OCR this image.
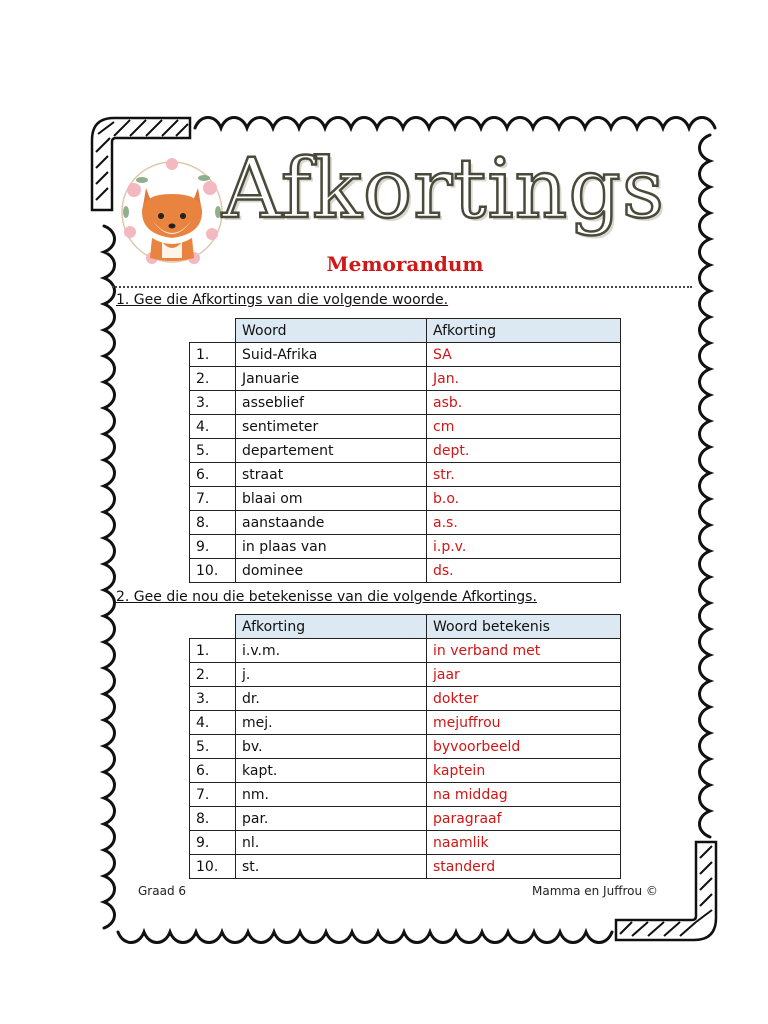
Afkortings
Memorandum
1. Gee die Afkortings van die volgende woorde.
	Woord	Afkorting
1.	Suid-Afrika	SA
2.	Januarie	Jan.
3.	asseblief	asb.
4.	sentimeter	cm
5.	departement	dept.
6.	straat	str.
7.	blaai om	b.o.
8.	aanstaande	a.s.
9.	in plaas van	i.p.v.
10.	dominee	ds.
2. Gee die nou die betekenisse van die volgende Afkortings.
	Afkorting	Woord betekenis
1.	i.v.m.	in verband met
2.	j.	jaar
3.	dr.	dokter
4.	mej.	mejuffrou
5.	bv.	byvoorbeeld
6.	kapt.	kaptein
7.	nm.	na middag
8.	par.	paragraaf
9.	nl.	naamlik
10.	st.	standerd
Graad 6	Mamma en Juffrou ©
